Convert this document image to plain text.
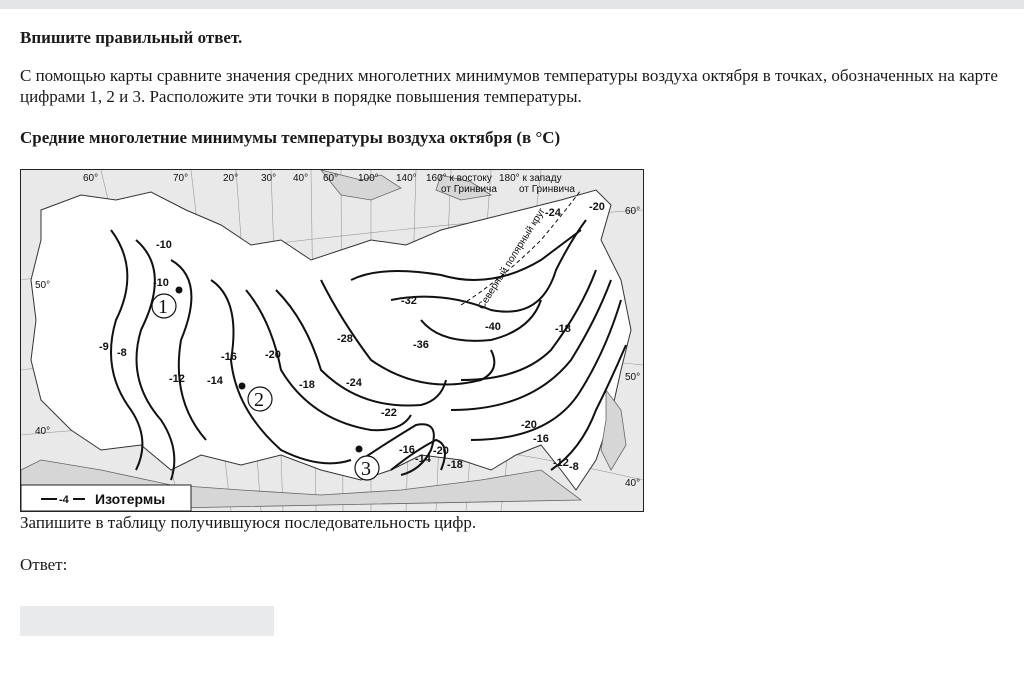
Впишите правильный ответ.

С помощью карты сравните значения средних многолетних минимумов температуры воздуха октября в точках, обозначенных на карте цифрами 1, 2 и 3. Расположите эти точки в порядке повышения температуры.

Средние многолетние минимумы температуры воздуха октября (в °C)

60°	70°	20° 30° 40° 60° 100° 140° 160° к востоку
от Гринвича
180° к западу
от Гринвича
50°
40°
60°
50°
40°
-10
-10
-9 -8
-12 -14
-16	-20
-18	-24
-28
-32
-36
-40
-22
-20
-18
-16
-14
-20
-16
-24	-20
-18
-12 -8
Северный полярный круг
1
2
3
-4 Изотермы

Запишите в таблицу получившуюся последовательность цифр.

Ответ:
